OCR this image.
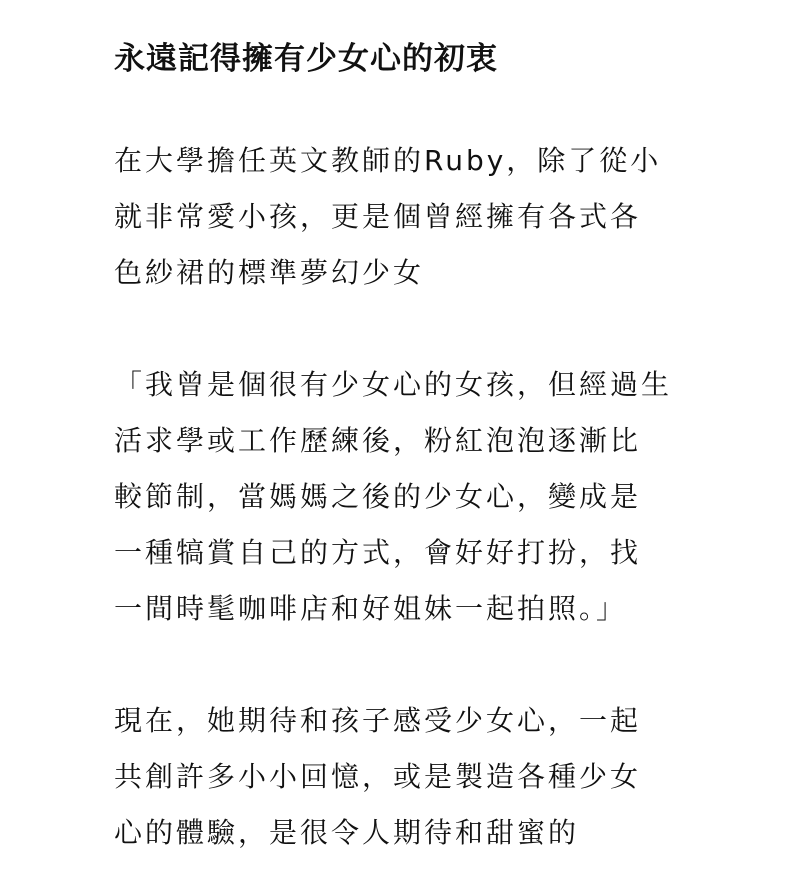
永遠記得擁有少女心的初衷

在大學擔任英文教師的Ruby，除了從小
就非常愛小孩，更是個曾經擁有各式各
色紗裙的標準夢幻少女

「我曾是個很有少女心的女孩，但經過生
活求學或工作歷練後，粉紅泡泡逐漸比
較節制，當媽媽之後的少女心，變成是
一種犒賞自己的方式，會好好打扮，找
一間時髦咖啡店和好姐妹一起拍照。」

現在，她期待和孩子感受少女心，一起
共創許多小小回憶，或是製造各種少女
心的體驗，是很令人期待和甜蜜的
